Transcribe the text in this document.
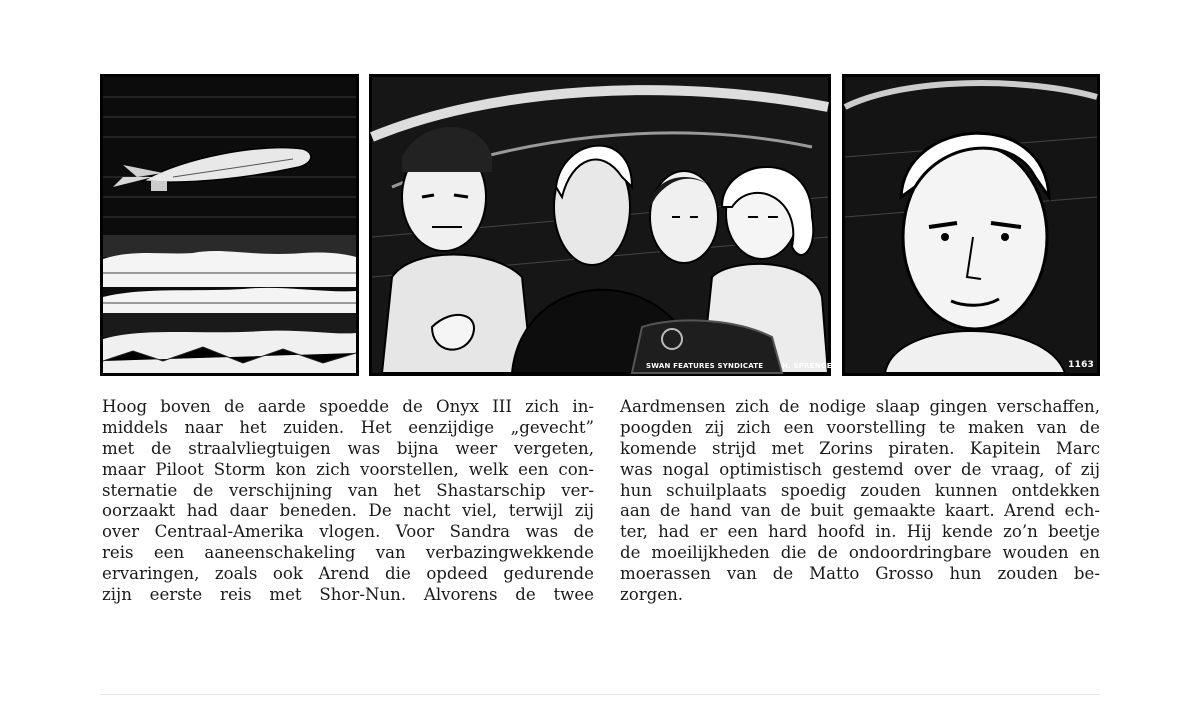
SWAN FEATURES SYNDICATE	H. SPRENGER	1163
Hoog boven de aarde spoedde de Onyx III zich in-
middels naar het zuiden. Het eenzijdige „gevecht”
met de straalvliegtuigen was bijna weer vergeten,
maar Piloot Storm kon zich voorstellen, welk een con-
sternatie de verschijning van het Shastarschip ver-
oorzaakt had daar beneden. De nacht viel, terwijl zij
over Centraal-Amerika vlogen. Voor Sandra was de
reis een aaneenschakeling van verbazingwekkende
ervaringen, zoals ook Arend die opdeed gedurende
zijn eerste reis met Shor-Nun. Alvorens de twee
Aardmensen zich de nodige slaap gingen verschaffen,
poogden zij zich een voorstelling te maken van de
komende strijd met Zorins piraten. Kapitein Marc
was nogal optimistisch gestemd over de vraag, of zij
hun schuilplaats spoedig zouden kunnen ontdekken
aan de hand van de buit gemaakte kaart. Arend ech-
ter, had er een hard hoofd in. Hij kende zo’n beetje
de moeilijkheden die de ondoordringbare wouden en
moerassen van de Matto Grosso hun zouden be-
zorgen.
